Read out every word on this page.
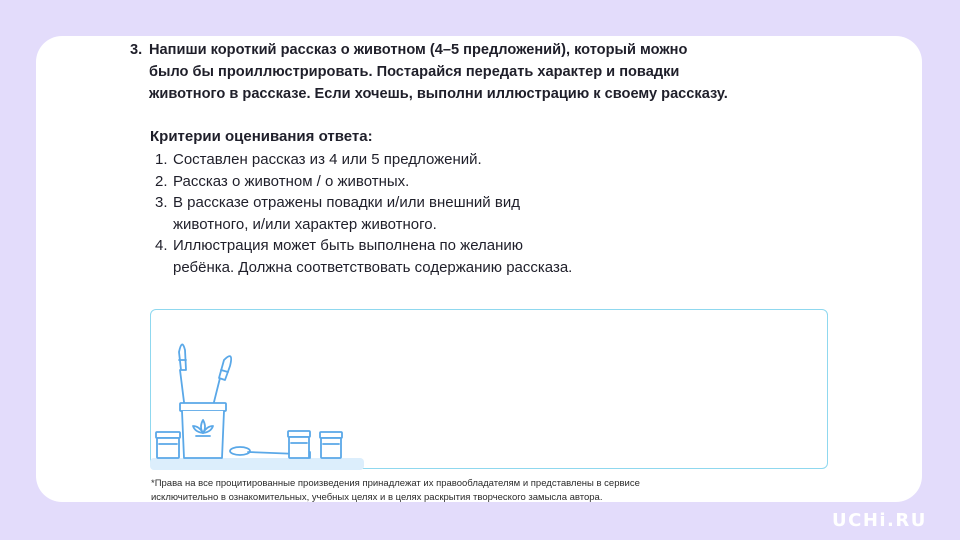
3. Напиши короткий рассказ о животном (4–5 предложений), который можно
было бы проиллюстрировать. Постарайся передать характер и повадки
животного в рассказе. Если хочешь, выполни иллюстрацию к своему рассказу.

Критерии оценивания ответа:

1. Составлен рассказ из 4 или 5 предложений.
2. Рассказ о животном / о животных.
3. В рассказе отражены повадки и/или внешний вид
животного, и/или характер животного.
4. Иллюстрация может быть выполнена по желанию
ребёнка. Должна соответствовать содержанию рассказа.

*Права на все процитированные произведения принадлежат их правообладателям и представлены в сервисе
исключительно в ознакомительных, учебных целях и в целях раскрытия творческого замысла автора.

UCHi.RU
